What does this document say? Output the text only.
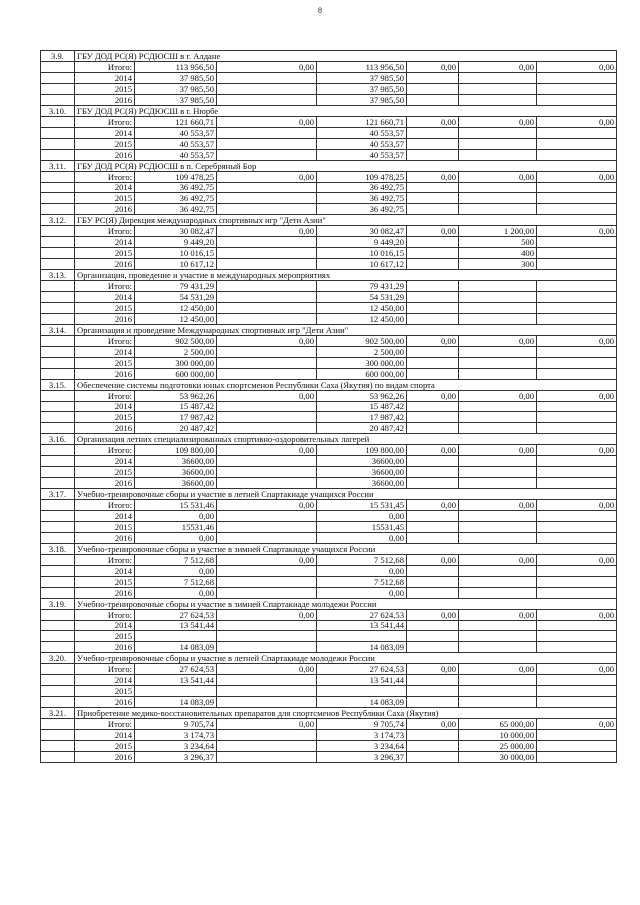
8
3.9.	ГБУ ДОД РС(Я) РСДЮСШ в г. Алдане						
	Итого:	113 956,50	0,00	113 956,50	0,00	0,00	0,00
	2014	37 985,50		37 985,50			
	2015	37 985,50		37 985,50			
	2016	37 985,50		37 985,50			
3.10.	ГБУ ДОД РС(Я) РСДЮСШ в г. Нюрбе						
	Итого:	121 660,71	0,00	121 660,71	0,00	0,00	0,00
	2014	40 553,57		40 553,57			
	2015	40 553,57		40 553,57			
	2016	40 553,57		40 553,57			
3.11.	ГБУ ДОД РС(Я) РСДЮСШ в п. Серебряный Бор						
	Итого:	109 478,25	0,00	109 478,25	0,00	0,00	0,00
	2014	36 492,75		36 492,75			
	2015	36 492,75		36 492,75			
	2016	36 492,75		36 492,75			
3.12.	ГБУ РС(Я) Дирекция международных спортивных игр "Дети Азии"						
	Итого:	30 082,47	0,00	30 082,47	0,00	1 200,00	0,00
	2014	9 449,20		9 449,20		500	
	2015	10 016,15		10 016,15		400	
	2016	10 617,12		10 617,12		300	
3.13.	Организация, проведение и участие в международных мероприятиях						
	Итого:	79 431,29		79 431,29			
	2014	54 531,29		54 531,29			
	2015	12 450,00		12 450,00			
	2016	12 450,00		12 450,00			
3.14.	Организация и проведение Международных спортивных игр "Дети Азии"						
	Итого:	902 500,00	0,00	902 500,00	0,00	0,00	0,00
	2014	2 500,00		2 500,00			
	2015	300 000,00		300 000,00			
	2016	600 000,00		600 000,00			
3.15.	Обеспечение системы подготовки юных спортсменов Республики Саха (Якутия) по видам спорта						
	Итого:	53 962,26	0,00	53 962,26	0,00	0,00	0,00
	2014	15 487,42		15 487,42			
	2015	17 987,42		17 987,42			
	2016	20 487,42		20 487,42			
3.16.	Организация летних специализированных спортивно-оздоровительных лагерей						
	Итого:	109 800,00	0,00	109 800,00	0,00	0,00	0,00
	2014	36600,00		36600,00			
	2015	36600,00		36600,00			
	2016	36600,00		36600,00			
3.17.	Учебно-тренировочные сборы и участие в летней Спартакиаде учащихся России						
	Итого:	15 531,46	0,00	15 531,45	0,00	0,00	0,00
	2014	0,00		0,00			
	2015	15531,46		15531,45			
	2016	0,00		0,00			
3.18.	Учебно-тренировочные сборы и участие в зимней Спартакиаде учащихся России						
	Итого:	7 512,68	0,00	7 512,68	0,00	0,00	0,00
	2014	0,00		0,00			
	2015	7 512,68		7 512,68			
	2016	0,00		0,00			
3.19.	Учебно-тренировочные сборы и участие в зимней Спартакиаде молодежи России						
	Итого:	27 624,53	0,00	27 624,53	0,00	0,00	0,00
	2014	13 541,44		13 541,44			
	2015						
	2016	14 083,09		14 083,09			
3.20.	Учебно-тренировочные сборы и участие в летней Спартакиаде молодежи России						
	Итого:	27 624,53	0,00	27 624,53	0,00	0,00	0,00
	2014	13 541,44		13 541,44			
	2015						
	2016	14 083,09		14 083,09			
3.21.	Приобретение медико-восстановительных препаратов для спортсменов Республики Саха (Якутия)						
	Итого:	9 705,74	0,00	9 705,74	0,00	65 000,00	0,00
	2014	3 174,73		3 174,73		10 000,00	
	2015	3 234,64		3 234,64		25 000,00	
	2016	3 296,37		3 296,37		30 000,00	
